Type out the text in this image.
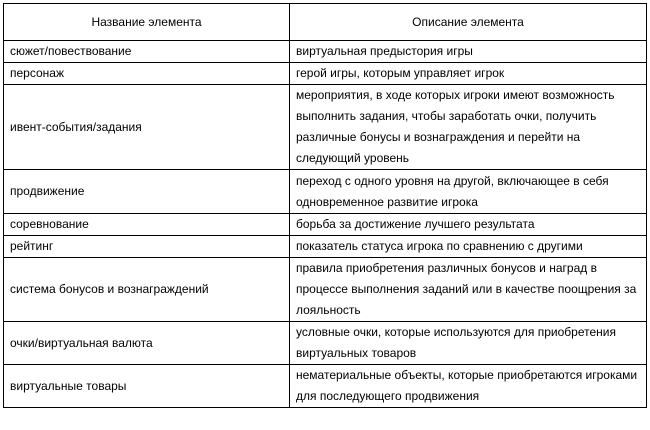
Название элемента	Описание элемента
сюжет/повествование	виртуальная предыстория игры
персонаж	герой игры, которым управляет игрок
ивент-события/задания	мероприятия, в ходе которых игроки имеют возможность выполнить задания, чтобы заработать очки, получить различные бонусы и вознаграждения и перейти на следующий уровень
продвижение	переход с одного уровня на другой, включающее в себя одновременное развитие игрока
соревнование	борьба за достижение лучшего результата
рейтинг	показатель статуса игрока по сравнению с другими
система бонусов и вознаграждений	правила приобретения различных бонусов и наград в процессе выполнения заданий или в качестве поощрения за лояльность
очки/виртуальная валюта	условные очки, которые используются для приобретения виртуальных товаров
виртуальные товары	нематериальные объекты, которые приобретаются игроками для последующего продвижения
